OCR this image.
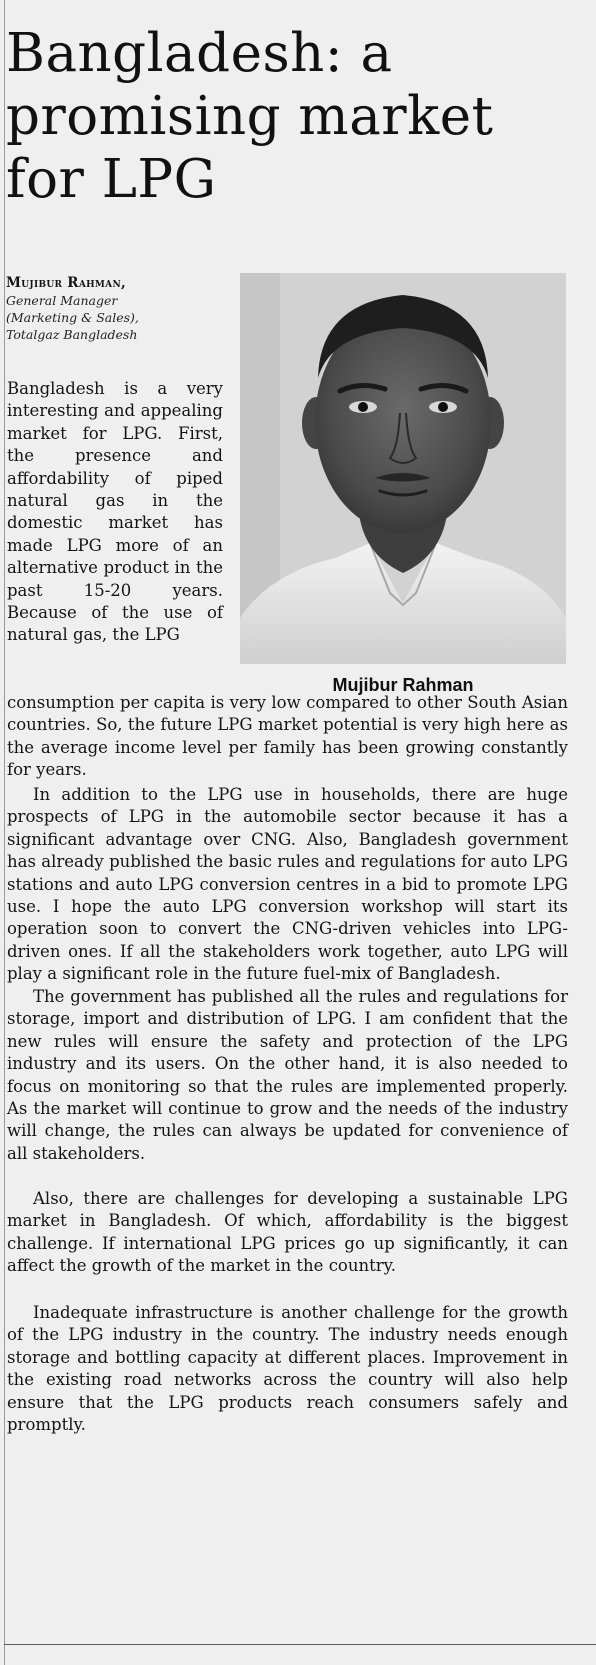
Bangladesh: a promising market for LPG
Mujibur Rahman,
General Manager
(Marketing & Sales),
Totalgaz Bangladesh
Mujibur Rahman

Bangladesh is a very interesting and appealing market for LPG. First, the presence and affordability of piped natural gas in the domestic market has made LPG more of an alternative product in the past 15-20 years. Because of the use of natural gas, the LPG

consumption per capita is very low compared to other South Asian countries. So, the future LPG market potential is very high here as the average income level per family has been growing constantly for years.

In addition to the LPG use in households, there are huge prospects of LPG in the automobile sector because it has a significant advantage over CNG. Also, Bangladesh government has already published the basic rules and regulations for auto LPG stations and auto LPG conversion centres in a bid to promote LPG use. I hope the auto LPG conversion workshop will start its operation soon to convert the CNG-driven vehicles into LPG-driven ones. If all the stakeholders work together, auto LPG will play a significant role in the future fuel-mix of Bangladesh.

The government has published all the rules and regulations for storage, import and distribution of LPG. I am confident that the new rules will ensure the safety and protection of the LPG industry and its users. On the other hand, it is also needed to focus on monitoring so that the rules are implemented properly. As the market will continue to grow and the needs of the industry will change, the rules can always be updated for convenience of all stakeholders.

Also, there are challenges for developing a sustainable LPG market in Bangladesh. Of which, affordability is the biggest challenge. If international LPG prices go up significantly, it can affect the growth of the market in the country.

Inadequate infrastructure is another challenge for the growth of the LPG industry in the country. The industry needs enough storage and bottling capacity at different places. Improvement in the existing road networks across the country will also help ensure that the LPG products reach consumers safely and promptly.
